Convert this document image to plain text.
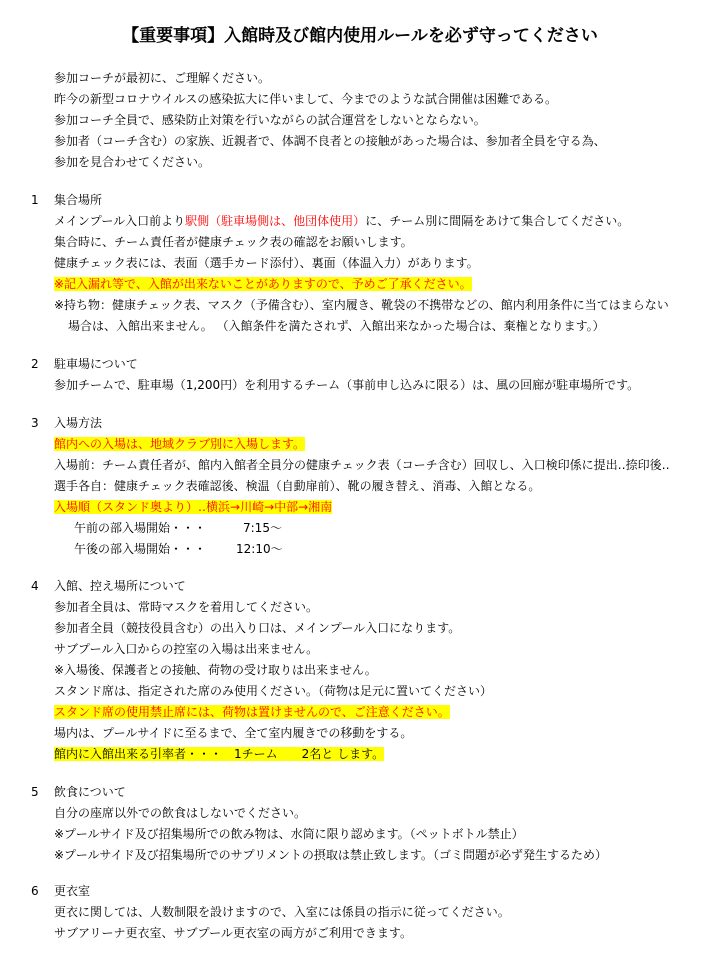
【重要事項】入館時及び館内使用ルールを必ず守ってください
参加コーチが最初に、ご理解ください。
昨今の新型コロナウイルスの感染拡大に伴いまして、今までのような試合開催は困難である。
参加コーチ全員で、感染防止対策を行いながらの試合運営をしないとならない。
参加者（コーチ含む）の家族、近親者で、体調不良者との接触があった場合は、参加者全員を守る為、
参加を見合わせてください。
1 集合場所
メインプール入口前より駅側（駐車場側は、他団体使用）に、チーム別に間隔をあけて集合してください。
集合時に、チーム責任者が健康チェック表の確認をお願いします。
健康チェック表には、表面（選手カード添付）、裏面（体温入力）があります。
※記入漏れ等で、入館が出来ないことがありますので、予めご了承ください。
※持ち物：健康チェック表、マスク（予備含む）、室内履き、靴袋の不携帯などの、館内利用条件に当てはまらない
場合は、入館出来ません。 （入館条件を満たされず、入館出来なかった場合は、棄権となります。）
2 駐車場について
参加チームで、駐車場（1,200円）を利用するチーム（事前申し込みに限る）は、風の回廊が駐車場所です。
3 入場方法
館内への入場は、地域クラブ別に入場します。
入場前：チーム責任者が、館内入館者全員分の健康チェック表（コーチ含む）回収し、入口検印係に提出‥捺印後‥
選手各自：健康チェック表確認後、検温（自動扉前）、靴の履き替え、消毒、入館となる。
入場順（スタンド奥より）‥横浜→川崎→中部→湘南
午前の部入場開始・・・	7:15～
午後の部入場開始・・・ 12:10～
4 入館、控え場所について
参加者全員は、常時マスクを着用してください。
参加者全員（競技役員含む）の出入り口は、メインプール入口になります。
サブプール入口からの控室の入場は出来ません。
※入場後、保護者との接触、荷物の受け取りは出来ません。
スタンド席は、指定された席のみ使用ください。（荷物は足元に置いてください）
スタンド席の使用禁止席には、荷物は置けませんので、ご注意ください。
場内は、プールサイドに至るまで、全て室内履きでの移動をする。
館内に入館出来る引率者・・・　1チーム　　2名と します。
5 飲食について
自分の座席以外での飲食はしないでください。
※プールサイド及び招集場所での飲み物は、水筒に限り認めます。（ペットボトル禁止）
※プールサイド及び招集場所でのサプリメントの摂取は禁止致します。（ゴミ問題が必ず発生するため）
6 更衣室
更衣に関しては、人数制限を設けますので、入室には係員の指示に従ってください。
サブアリーナ更衣室、サブプール更衣室の両方がご利用できます。
